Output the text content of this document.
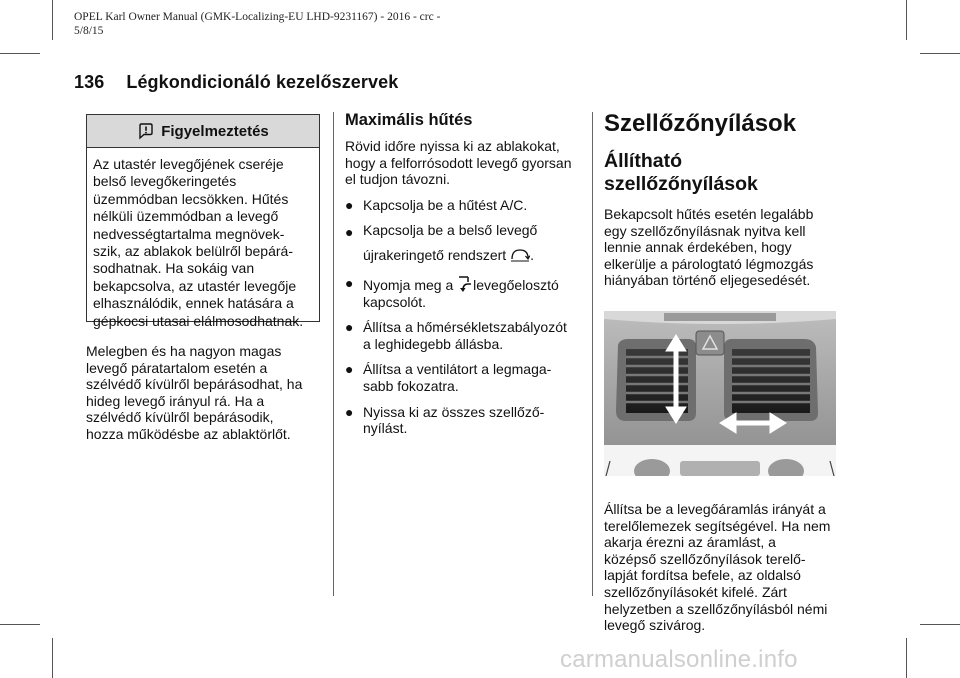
OPEL Karl Owner Manual (GMK-Localizing-EU LHD-9231167) - 2016 - crc -
5/8/15
136 Légkondicionáló kezelőszervek
Figyelmeztetés
Az utastér levegőjének cseréje
belső levegőkeringetés
üzemmódban lecsökken. Hűtés
nélküli üzemmódban a levegő
nedvességtartalma megnövek-
szik, az ablakok belülről bepárá-
sodhatnak. Ha sokáig van
bekapcsolva, az utastér levegője
elhasználódik, ennek hatására a
gépkocsi utasai elálmosodhatnak.
Melegben és ha nagyon magas
levegő páratartalom esetén a
szélvédő kívülről bepárásodhat, ha
hideg levegő irányul rá. Ha a
szélvédő kívülről bepárásodik,
hozza működésbe az ablaktörlőt.
Maximális hűtés
Rövid időre nyissa ki az ablakokat,
hogy a felforrósodott levegő gyorsan
el tudjon távozni.
● Kapcsolja be a hűtést A/C.
● Kapcsolja be a belső levegő
újrakeringető rendszert .
● Nyomja meg a levegőelosztó
kapcsolót.
● Állítsa a hőmérsékletszabályozót
a leghidegebb állásba.
● Állítsa a ventilátort a legmaga-
sabb fokozatra.
● Nyissa ki az összes szellőző-
nyílást.
Szellőzőnyílások
Állítható szellőzőnyílások
Bekapcsolt hűtés esetén legalább
egy szellőzőnyílásnak nyitva kell
lennie annak érdekében, hogy
elkerülje a párologtató légmozgás
hiányában történő eljegesedését.
Állítsa be a levegőáramlás irányát a
terelőlemezek segítségével. Ha nem
akarja érezni az áramlást, a
középső szellőzőnyílások terelő-
lapját fordítsa befele, az oldalsó
szellőzőnyílásokét kifelé. Zárt
helyzetben a szellőzőnyílásból némi
levegő szivárog.
carmanualsonline.info
